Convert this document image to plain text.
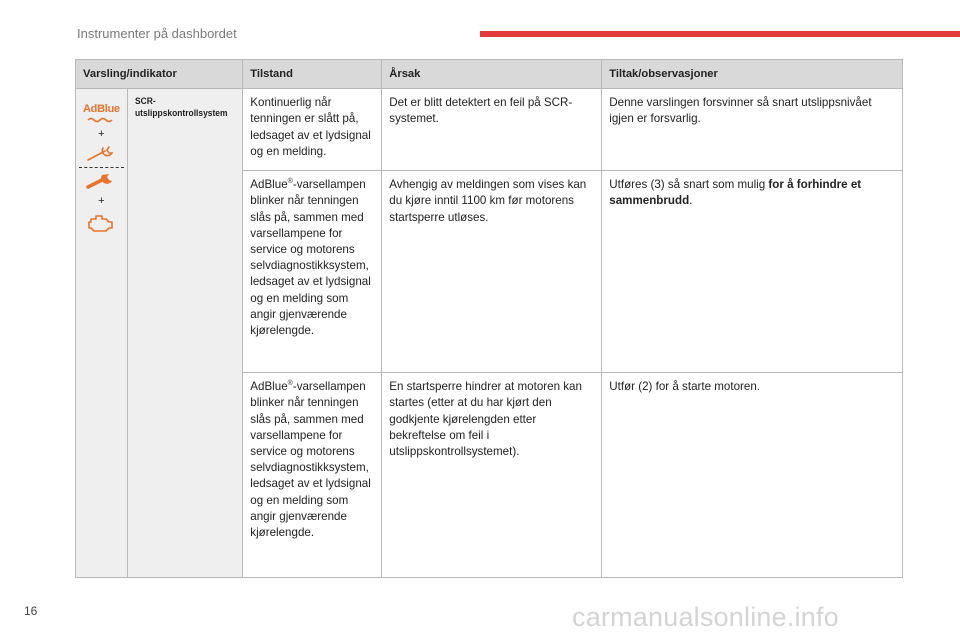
Instrumenter på dashbordet
Varsling/indikator		Tilstand	Årsak	Tiltak/observasjoner

AdBlue
+
+	SCR-utslippskontrollsystem	Kontinuerlig når tenningen er slått på, ledsaget av et lydsignal og en melding.	Det er blitt detektert en feil på SCR-systemet.	Denne varslingen forsvinner så snart utslippsnivået igjen er forsvarlig.
		AdBlue®-varsellampen blinker når tenningen slås på, sammen med varsellampene for service og motorens selvdiagnostikksystem, ledsaget av et lydsignal og en melding som angir gjenværende kjørelengde.	Avhengig av meldingen som vises kan du kjøre inntil 1100 km før motorens startsperre utløses.	Utføres (3) så snart som mulig for å forhindre et sammenbrudd.
		AdBlue®-varsellampen blinker når tenningen slås på, sammen med varsellampene for service og motorens selvdiagnostikksystem, ledsaget av et lydsignal og en melding som angir gjenværende kjørelengde.	En startsperre hindrer at motoren kan startes (etter at du har kjørt den godkjente kjørelengden etter bekreftelse om feil i utslippskontrollsystemet).	Utfør (2) for å starte motoren.
16	carmanualsonline.info
